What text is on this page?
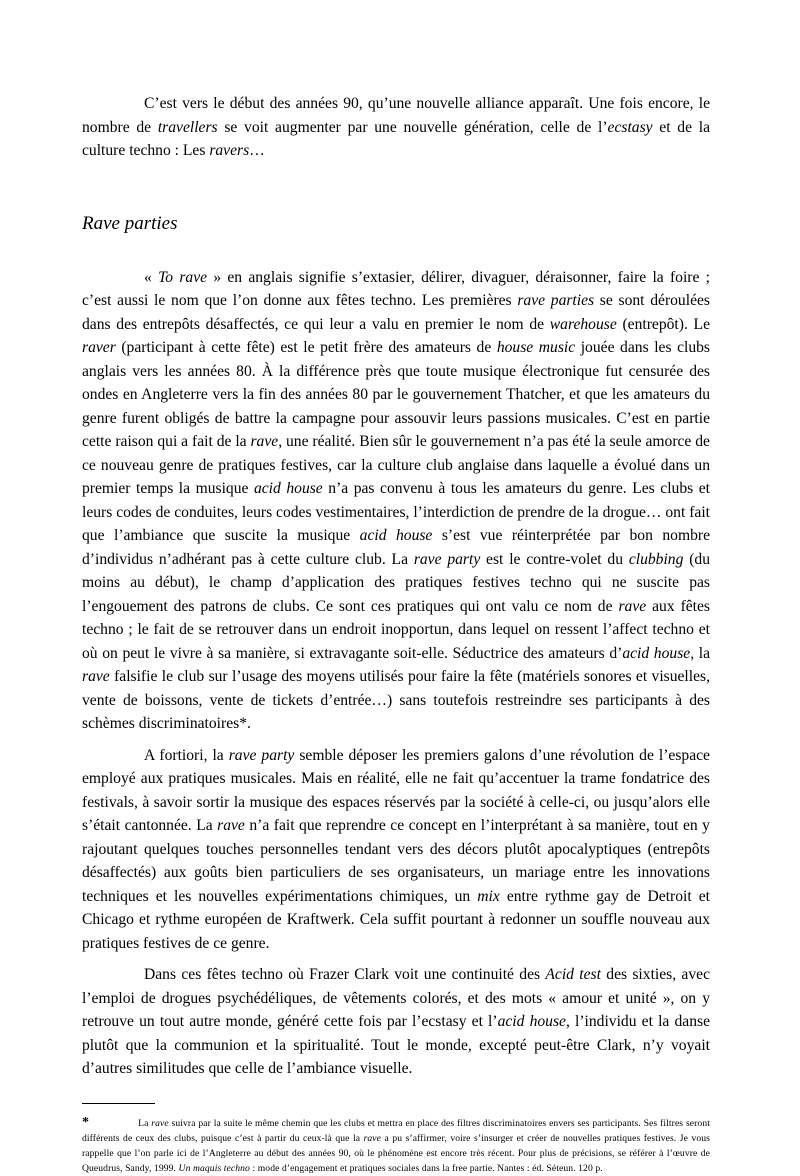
C’est vers le début des années 90, qu’une nouvelle alliance apparaît. Une fois encore, le nombre de travellers se voit augmenter par une nouvelle génération, celle de l’ecstasy et de la culture techno : Les ravers…

Rave parties

« To rave » en anglais signifie s’extasier, délirer, divaguer, déraisonner, faire la foire ; c’est aussi le nom que l’on donne aux fêtes techno. Les premières rave parties se sont déroulées dans des entrepôts désaffectés, ce qui leur a valu en premier le nom de warehouse (entrepôt). Le raver (participant à cette fête) est le petit frère des amateurs de house music jouée dans les clubs anglais vers les années 80. À la différence près que toute musique électronique fut censurée des ondes en Angleterre vers la fin des années 80 par le gouvernement Thatcher, et que les amateurs du genre furent obligés de battre la campagne pour assouvir leurs passions musicales. C’est en partie cette raison qui a fait de la rave, une réalité. Bien sûr le gouvernement n’a pas été la seule amorce de ce nouveau genre de pratiques festives, car la culture club anglaise dans laquelle a évolué dans un premier temps la musique acid house n’a pas convenu à tous les amateurs du genre. Les clubs et leurs codes de conduites, leurs codes vestimentaires, l’interdiction de prendre de la drogue… ont fait que l’ambiance que suscite la musique acid house s’est vue réinterprétée par bon nombre d’individus n’adhérant pas à cette culture club. La rave party est le contre-volet du clubbing (du moins au début), le champ d’application des pratiques festives techno qui ne suscite pas l’engouement des patrons de clubs. Ce sont ces pratiques qui ont valu ce nom de rave aux fêtes techno ; le fait de se retrouver dans un endroit inopportun, dans lequel on ressent l’affect techno et où on peut le vivre à sa manière, si extravagante soit-elle. Séductrice des amateurs d’acid house, la rave falsifie le club sur l’usage des moyens utilisés pour faire la fête (matériels sonores et visuelles, vente de boissons, vente de tickets d’entrée…) sans toutefois restreindre ses participants à des schèmes discriminatoires*.

A fortiori, la rave party semble déposer les premiers galons d’une révolution de l’espace employé aux pratiques musicales. Mais en réalité, elle ne fait qu’accentuer la trame fondatrice des festivals, à savoir sortir la musique des espaces réservés par la société à celle-ci, ou jusqu’alors elle s’était cantonnée. La rave n’a fait que reprendre ce concept en l’interprétant à sa manière, tout en y rajoutant quelques touches personnelles tendant vers des décors plutôt apocalyptiques (entrepôts désaffectés) aux goûts bien particuliers de ses organisateurs, un mariage entre les innovations techniques et les nouvelles expérimentations chimiques, un mix entre rythme gay de Detroit et Chicago et rythme européen de Kraftwerk. Cela suffit pourtant à redonner un souffle nouveau aux pratiques festives de ce genre.

Dans ces fêtes techno où Frazer Clark voit une continuité des Acid test des sixties, avec l’emploi de drogues psychédéliques, de vêtements colorés, et des mots « amour et unité », on y retrouve un tout autre monde, généré cette fois par l’ecstasy et l’acid house, l’individu et la danse plutôt que la communion et la spiritualité. Tout le monde, excepté peut-être Clark, n’y voyait d’autres similitudes que celle de l’ambiance visuelle.

*	La rave suivra par la suite le même chemin que les clubs et mettra en place des filtres discriminatoires envers ses participants. Ses filtres seront différents de ceux des clubs, puisque c’est à partir du ceux-là que la rave a pu s’affirmer, voire s’insurger et créer de nouvelles pratiques festives. Je vous rappelle que l’on parle ici de l’Angleterre au début des années 90, où le phénomène est encore très récent. Pour plus de précisions, se référer à l’œuvre de Queudrus, Sandy, 1999. Un maquis techno : mode d’engagement et pratiques sociales dans la free partie. Nantes : éd. Séteun. 120 p.
